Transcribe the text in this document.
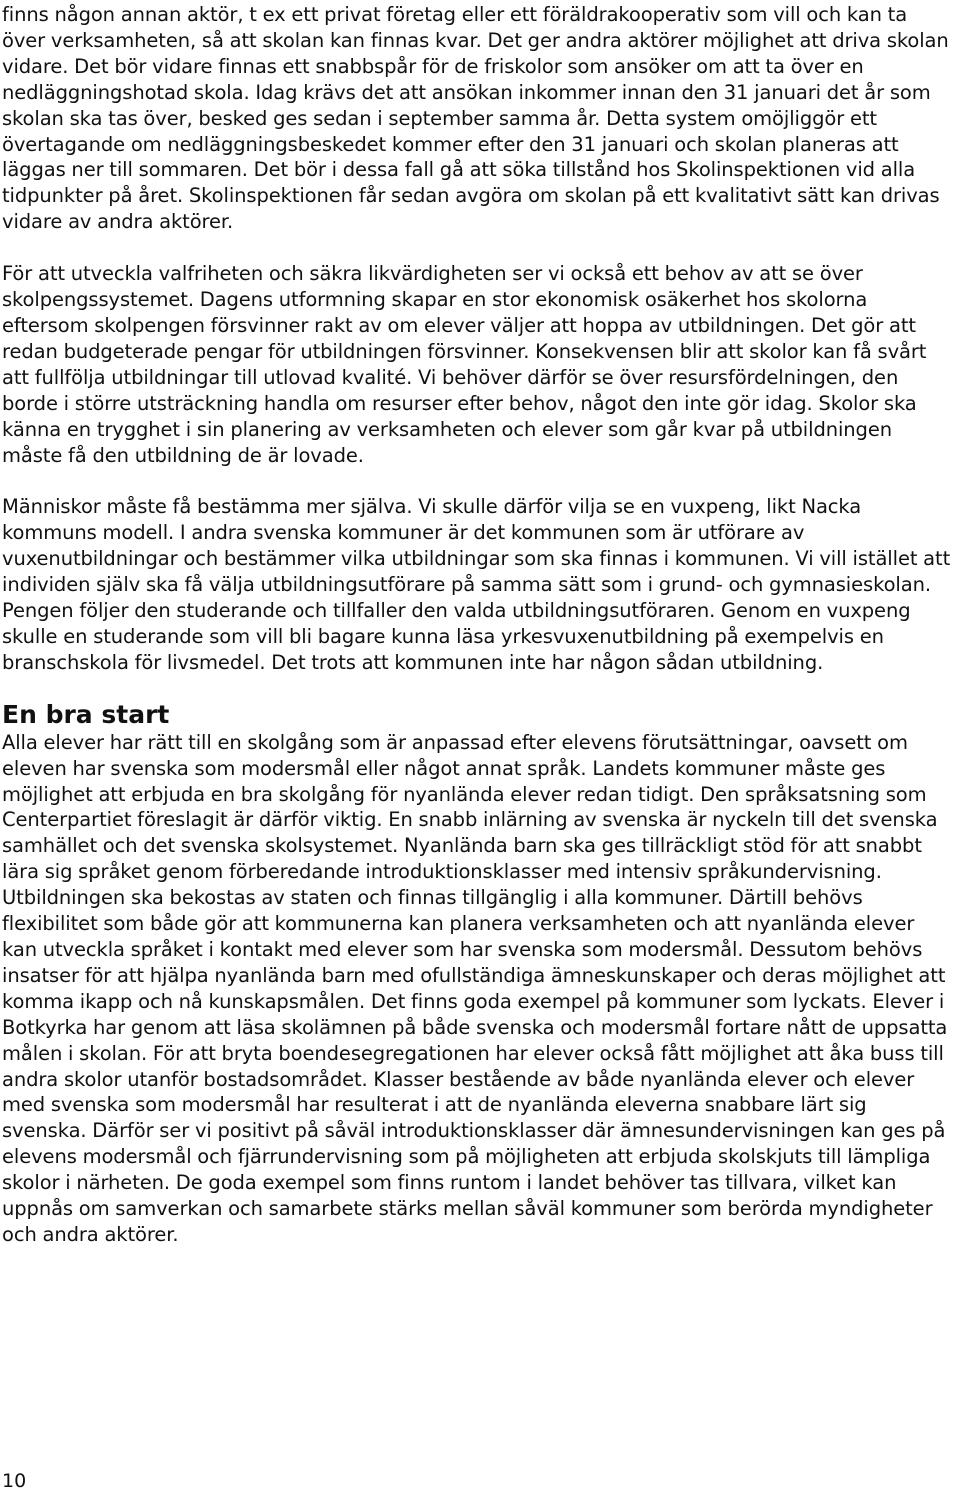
finns någon annan aktör, t ex ett privat företag eller ett föräldrakooperativ som vill och kan ta över verksamheten, så att skolan kan finnas kvar. Det ger andra aktörer möjlighet att driva skolan vidare. Det bör vidare finnas ett snabbspår för de friskolor som ansöker om att ta över en nedläggningshotad skola. Idag krävs det att ansökan inkommer innan den 31 januari det år som skolan ska tas över, besked ges sedan i september samma år. Detta system omöjliggör ett övertagande om nedläggningsbeskedet kommer efter den 31 januari och skolan planeras att läggas ner till sommaren. Det bör i dessa fall gå att söka tillstånd hos Skolinspektionen vid alla tidpunkter på året. Skolinspektionen får sedan avgöra om skolan på ett kvalitativt sätt kan drivas vidare av andra aktörer.

För att utveckla valfriheten och säkra likvärdigheten ser vi också ett behov av att se över skolpengssystemet. Dagens utformning skapar en stor ekonomisk osäkerhet hos skolorna eftersom skolpengen försvinner rakt av om elever väljer att hoppa av utbildningen. Det gör att redan budgeterade pengar för utbildningen försvinner. Konsekvensen blir att skolor kan få svårt att fullfölja utbildningar till utlovad kvalité. Vi behöver därför se över resursfördelningen, den borde i större utsträckning handla om resurser efter behov, något den inte gör idag. Skolor ska känna en trygghet i sin planering av verksamheten och elever som går kvar på utbildningen måste få den utbildning de är lovade.

Människor måste få bestämma mer själva. Vi skulle därför vilja se en vuxpeng, likt Nacka kommuns modell. I andra svenska kommuner är det kommunen som är utförare av vuxenutbildningar och bestämmer vilka utbildningar som ska finnas i kommunen. Vi vill istället att individen själv ska få välja utbildningsutförare på samma sätt som i grund- och gymnasieskolan. Pengen följer den studerande och tillfaller den valda utbildningsutföraren. Genom en vuxpeng skulle en studerande som vill bli bagare kunna läsa yrkesvuxenutbildning på exempelvis en branschskola för livsmedel. Det trots att kommunen inte har någon sådan utbildning.

En bra start

Alla elever har rätt till en skolgång som är anpassad efter elevens förutsättningar, oavsett om eleven har svenska som modersmål eller något annat språk. Landets kommuner måste ges möjlighet att erbjuda en bra skolgång för nyanlända elever redan tidigt. Den språksatsning som Centerpartiet föreslagit är därför viktig. En snabb inlärning av svenska är nyckeln till det svenska samhället och det svenska skolsystemet. Nyanlända barn ska ges tillräckligt stöd för att snabbt lära sig språket genom förberedande introduktionsklasser med intensiv språkundervisning. Utbildningen ska bekostas av staten och finnas tillgänglig i alla kommuner. Därtill behövs flexibilitet som både gör att kommunerna kan planera verksamheten och att nyanlända elever kan utveckla språket i kontakt med elever som har svenska som modersmål. Dessutom behövs insatser för att hjälpa nyanlända barn med ofullständiga ämneskunskaper och deras möjlighet att komma ikapp och nå kunskapsmålen. Det finns goda exempel på kommuner som lyckats. Elever i Botkyrka har genom att läsa skolämnen på både svenska och modersmål fortare nått de uppsatta målen i skolan. För att bryta boendesegregationen har elever också fått möjlighet att åka buss till andra skolor utanför bostadsområdet. Klasser bestående av både nyanlända elever och elever med svenska som modersmål har resulterat i att de nyanlända eleverna snabbare lärt sig svenska. Därför ser vi positivt på såväl introduktionsklasser där ämnesundervisningen kan ges på elevens modersmål och fjärrundervisning som på möjligheten att erbjuda skolskjuts till lämpliga skolor i närheten. De goda exempel som finns runtom i landet behöver tas tillvara, vilket kan uppnås om samverkan och samarbete stärks mellan såväl kommuner som berörda myndigheter och andra aktörer.

10
